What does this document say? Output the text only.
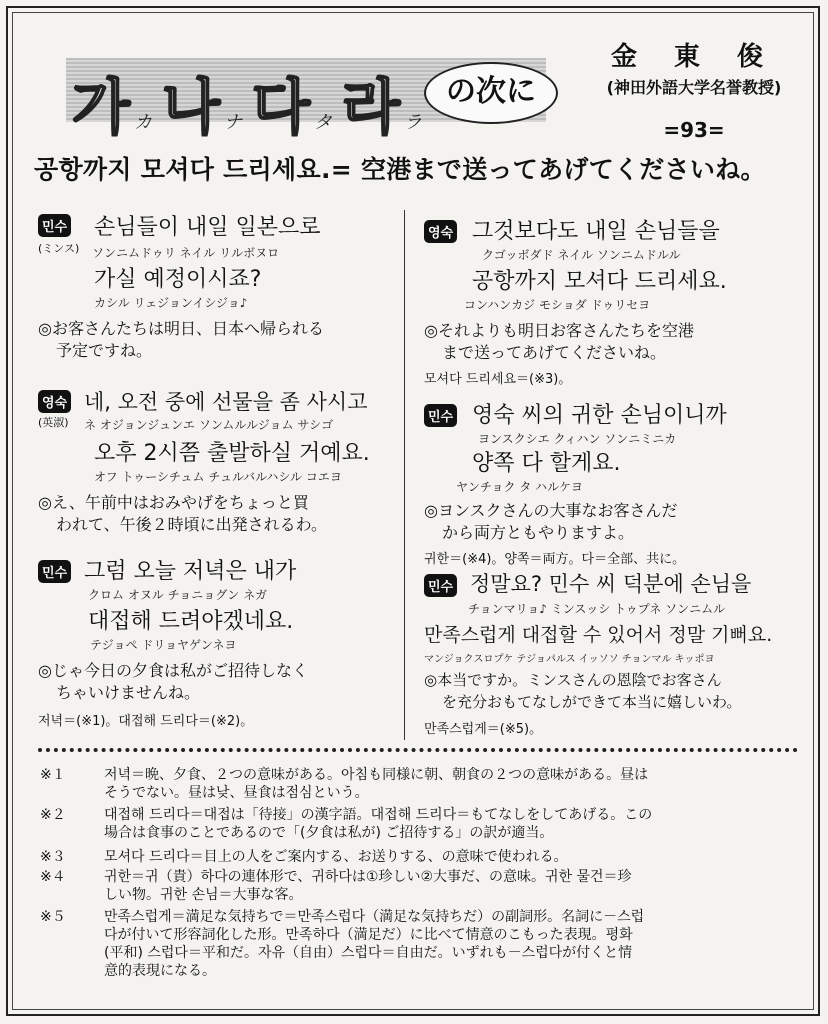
가 カ 나 ナ 다 タ 라 ラ
の次に
金 東 俊
(神田外語大学名誉教授)
=93=
공항까지 모셔다 드리세요.= 空港まで送ってあげてくださいね。
민수
(ミンス)
손님들이 내일 일본으로
ソンニムドゥリ ネイル リルボヌロ
가실 예정이시죠?
カシル リェジョンイシジョ♪
◎お客さんたちは明日、日本へ帰られる
予定ですね。
영숙
(英淑)
네, 오전 중에 선물을 좀 사시고
ネ オジョンジュンエ ソンムルルジョム サシゴ
오후 2시쯤 출발하실 거예요.
オフ トゥーシチュム チュルバルハシル コエヨ
◎え、午前中はおみやげをちょっと買
われて、午後２時頃に出発されるわ。
민수 그럼 오늘 저녁은 내가
クロム オヌル チョニョグン ネガ
대접해 드려야겠네요.
テジョペ ドリョヤゲンネヨ
◎じゃ今日の夕食は私がご招待しなく
ちゃいけませんね。
저녁＝(※1)。대접해 드리다＝(※2)。
영숙 그것보다도 내일 손님들을
クゴッボダド ネイル ソンニムドルル
공항까지 모셔다 드리세요.
コンハンカジ モショダ ドゥリセヨ
◎それよりも明日お客さんたちを空港
まで送ってあげてくださいね。
모셔다 드리세요＝(※3)。
민수 영숙 씨의 귀한 손님이니까
ヨンスクシエ クィハン ソンニミニカ
양쪽 다 할게요.
ヤンチョク タ ハルケヨ
◎ヨンスクさんの大事なお客さんだ
から両方ともやりますよ。
귀한＝(※4)。양쪽＝両方。다＝全部、共に。
민수 정말요? 민수 씨 덕분에 손님을
チョンマリョ♪ ミンスッシ トゥプネ ソンニムル
만족스럽게 대접할 수 있어서 정말 기뻐요.
マンジョクスロプケ テジョパルス イッソソ チョンマル キッポヨ
◎本当ですか。ミンスさんの恩陰でお客さん
を充分おもてなしができて本当に嬉しいわ。
만족스럽게＝(※5)。
※１	저녁＝晩、夕食、２つの意味がある。아침も同様に朝、朝食の２つの意味がある。昼は
そうでない。昼は낮、昼食は점심という。
※２	대접해 드리다＝대접は「待接」の漢字語。대접해 드리다＝もてなしをしてあげる。この
場合は食事のことであるので「(夕食は私が) ご招待する」の訳が適当。
※３	모셔다 드리다＝目上の人をご案内する、お送りする、の意味で使われる。
※４	귀한＝귀（貴）하다の連体形で、귀하다は①珍しい②大事だ、の意味。귀한 물건＝珍
しい物。귀한 손님＝大事な客。
※５	만족스럽게＝満足な気持ちで＝만족스럽다（満足な気持ちだ）の副詞形。名詞に－스럽
다が付いて形容詞化した形。만족하다（満足だ）に比べて情意のこもった表現。평화
(平和) 스럽다＝平和だ。자유（自由）스럽다＝自由だ。いずれも－스럽다が付くと情
意的表現になる。
